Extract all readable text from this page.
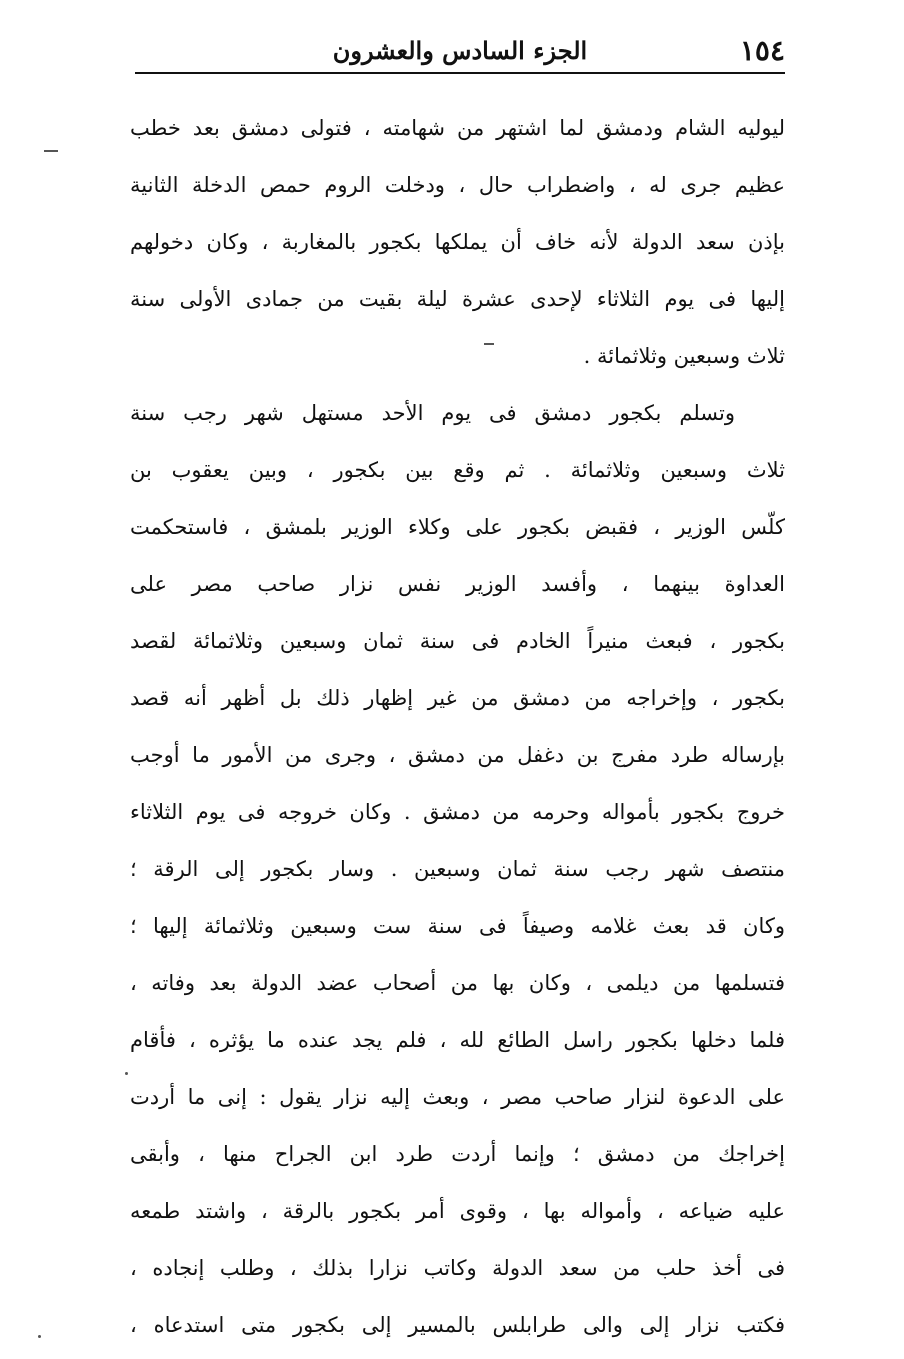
١٥٤
الجزء السادس والعشرون
ليوليه الشام ودمشق لما اشتهر من شهامته ، فتولى دمشق بعد خطب
عظيم جرى له ، واضطراب حال ، ودخلت الروم حمص الدخلة الثانية
بإذن سعد الدولة لأنه خاف أن يملكها بكجور بالمغاربة ، وكان دخولهم
إليها فى يوم الثلاثاء لإحدى عشرة ليلة بقيت من جمادى الأولى سنة
ثلاث وسبعين وثلاثمائة .
وتسلم بكجور دمشق فى يوم الأحد مستهل شهر رجب سنة
ثلاث وسبعين وثلاثمائة . ثم وقع بين بكجور ، وبين يعقوب بن
كلّس الوزير ، فقبض بكجور على وكلاء الوزير بلمشق ، فاستحكمت
العداوة بينهما ، وأفسد الوزير نفس نزار صاحب مصر على
بكجور ، فبعث منيراً الخادم فى سنة ثمان وسبعين وثلاثمائة لقصد
بكجور ، وإخراجه من دمشق من غير إظهار ذلك بل أظهر أنه قصد
بإرساله طرد مفرج بن دغفل من دمشق ، وجرى من الأمور ما أوجب
خروج بكجور بأمواله وحرمه من دمشق . وكان خروجه فى يوم الثلاثاء
منتصف شهر رجب سنة ثمان وسبعين . وسار بكجور إلى الرقة ؛
وكان قد بعث غلامه وصيفاً فى سنة ست وسبعين وثلاثمائة إليها ؛
فتسلمها من ديلمى ، وكان بها من أصحاب عضد الدولة بعد وفاته ،
فلما دخلها بكجور راسل الطائع لله ، فلم يجد عنده ما يؤثره ، فأقام
على الدعوة لنزار صاحب مصر ، وبعث إليه نزار يقول : إنى ما أردت
إخراجك من دمشق ؛ وإنما أردت طرد ابن الجراح منها ، وأبقى
عليه ضياعه ، وأمواله بها ، وقوى أمر بكجور بالرقة ، واشتد طمعه
فى أخذ حلب من سعد الدولة وكاتب نزارا بذلك ، وطلب إنجاده ،
فكتب نزار إلى والى طرابلس بالمسير إلى بكجور متى استدعاه ،
